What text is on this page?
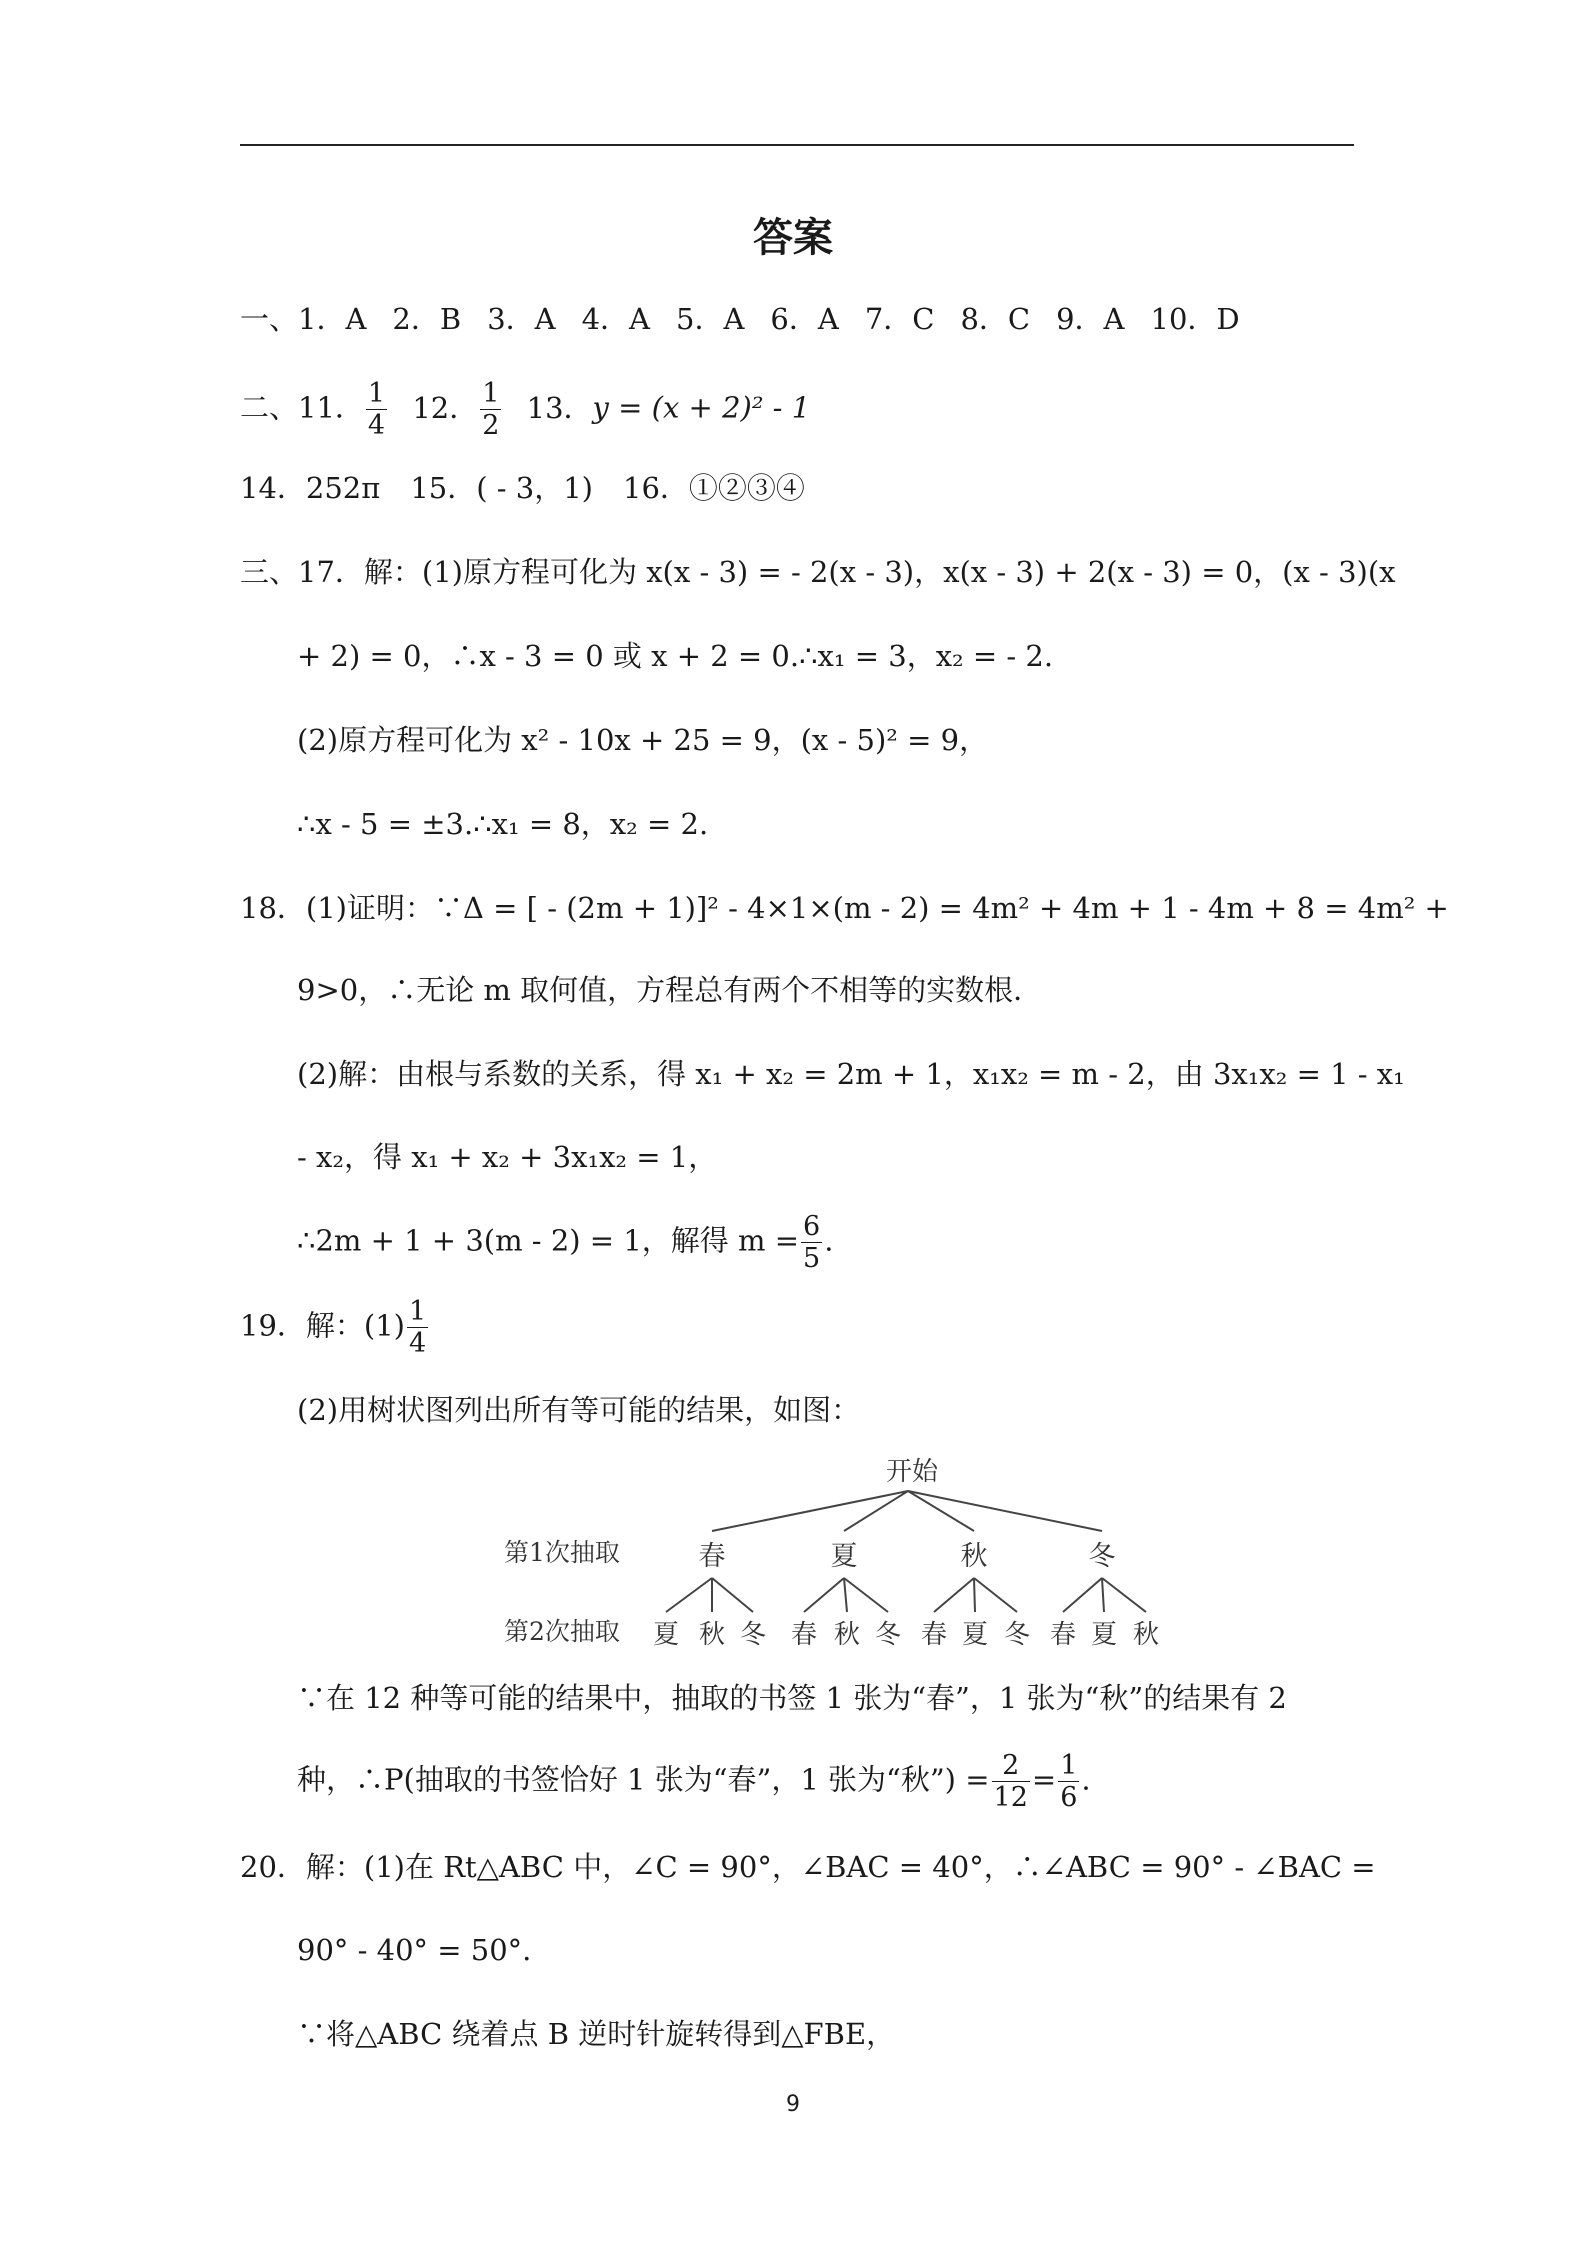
答案
一、1．A 2．B 3．A 4．A 5．A 6．A 7．C 8．C 9．A 10．D
二、11． $\frac{1}{4} 12$． $\frac{1}{2} 13$．y = (x + 2)² - 1
14．252π 15．( - 3，1) 16．①②③④
三、17．解：(1)原方程可化为 x(x - 3) = - 2(x - 3)，x(x - 3) + 2(x - 3) = 0，(x - 3)(x
+ 2) = 0，∴x - 3 = 0 或 x + 2 = 0.∴x₁ = 3，x₂ = - 2.
(2)原方程可化为 x² - 10x + 25 = 9，(x - 5)² = 9，
∴x - 5 = ±3.∴x₁ = 8，x₂ = 2.
18．(1)证明：∵Δ = [ - (2m + 1)]² - 4×1×(m - 2) = 4m² + 4m + 1 - 4m + 8 = 4m² +
9>0，∴无论 m 取何值，方程总有两个不相等的实数根．
(2)解：由根与系数的关系，得 x₁ + x₂ = 2m + 1，x₁x₂ = m - 2，由 3x₁x₂ = 1 - x₁
- x₂，得 x₁ + x₂ + 3x₁x₂ = 1，
∴2m + 1 + 3(m - 2) = 1，解得 $m = \frac{6}{5}$ .
19．解：$(1) \frac{1}{4}$
(2)用树状图列出所有等可能的结果，如图：
开始
第1次抽取
第2次抽取
春	夏	秋	冬
夏 秋 冬 春 秋 冬 春 夏 冬 春 夏 秋
∵在 12 种等可能的结果中，抽取的书签 1 张为“春”，1 张为“秋”的结果有 2
种，∴P(抽取的书签恰好 1 张为“春”，1 张为“秋”) = $\frac{2}{12} = \frac{1}{6}$ .
20．解：(1)在 Rt△ABC 中，∠C = 90°，∠BAC = 40°，∴∠ABC = 90° - ∠BAC =
90° - 40° = 50°.
∵将△ABC 绕着点 B 逆时针旋转得到△FBE，
9
